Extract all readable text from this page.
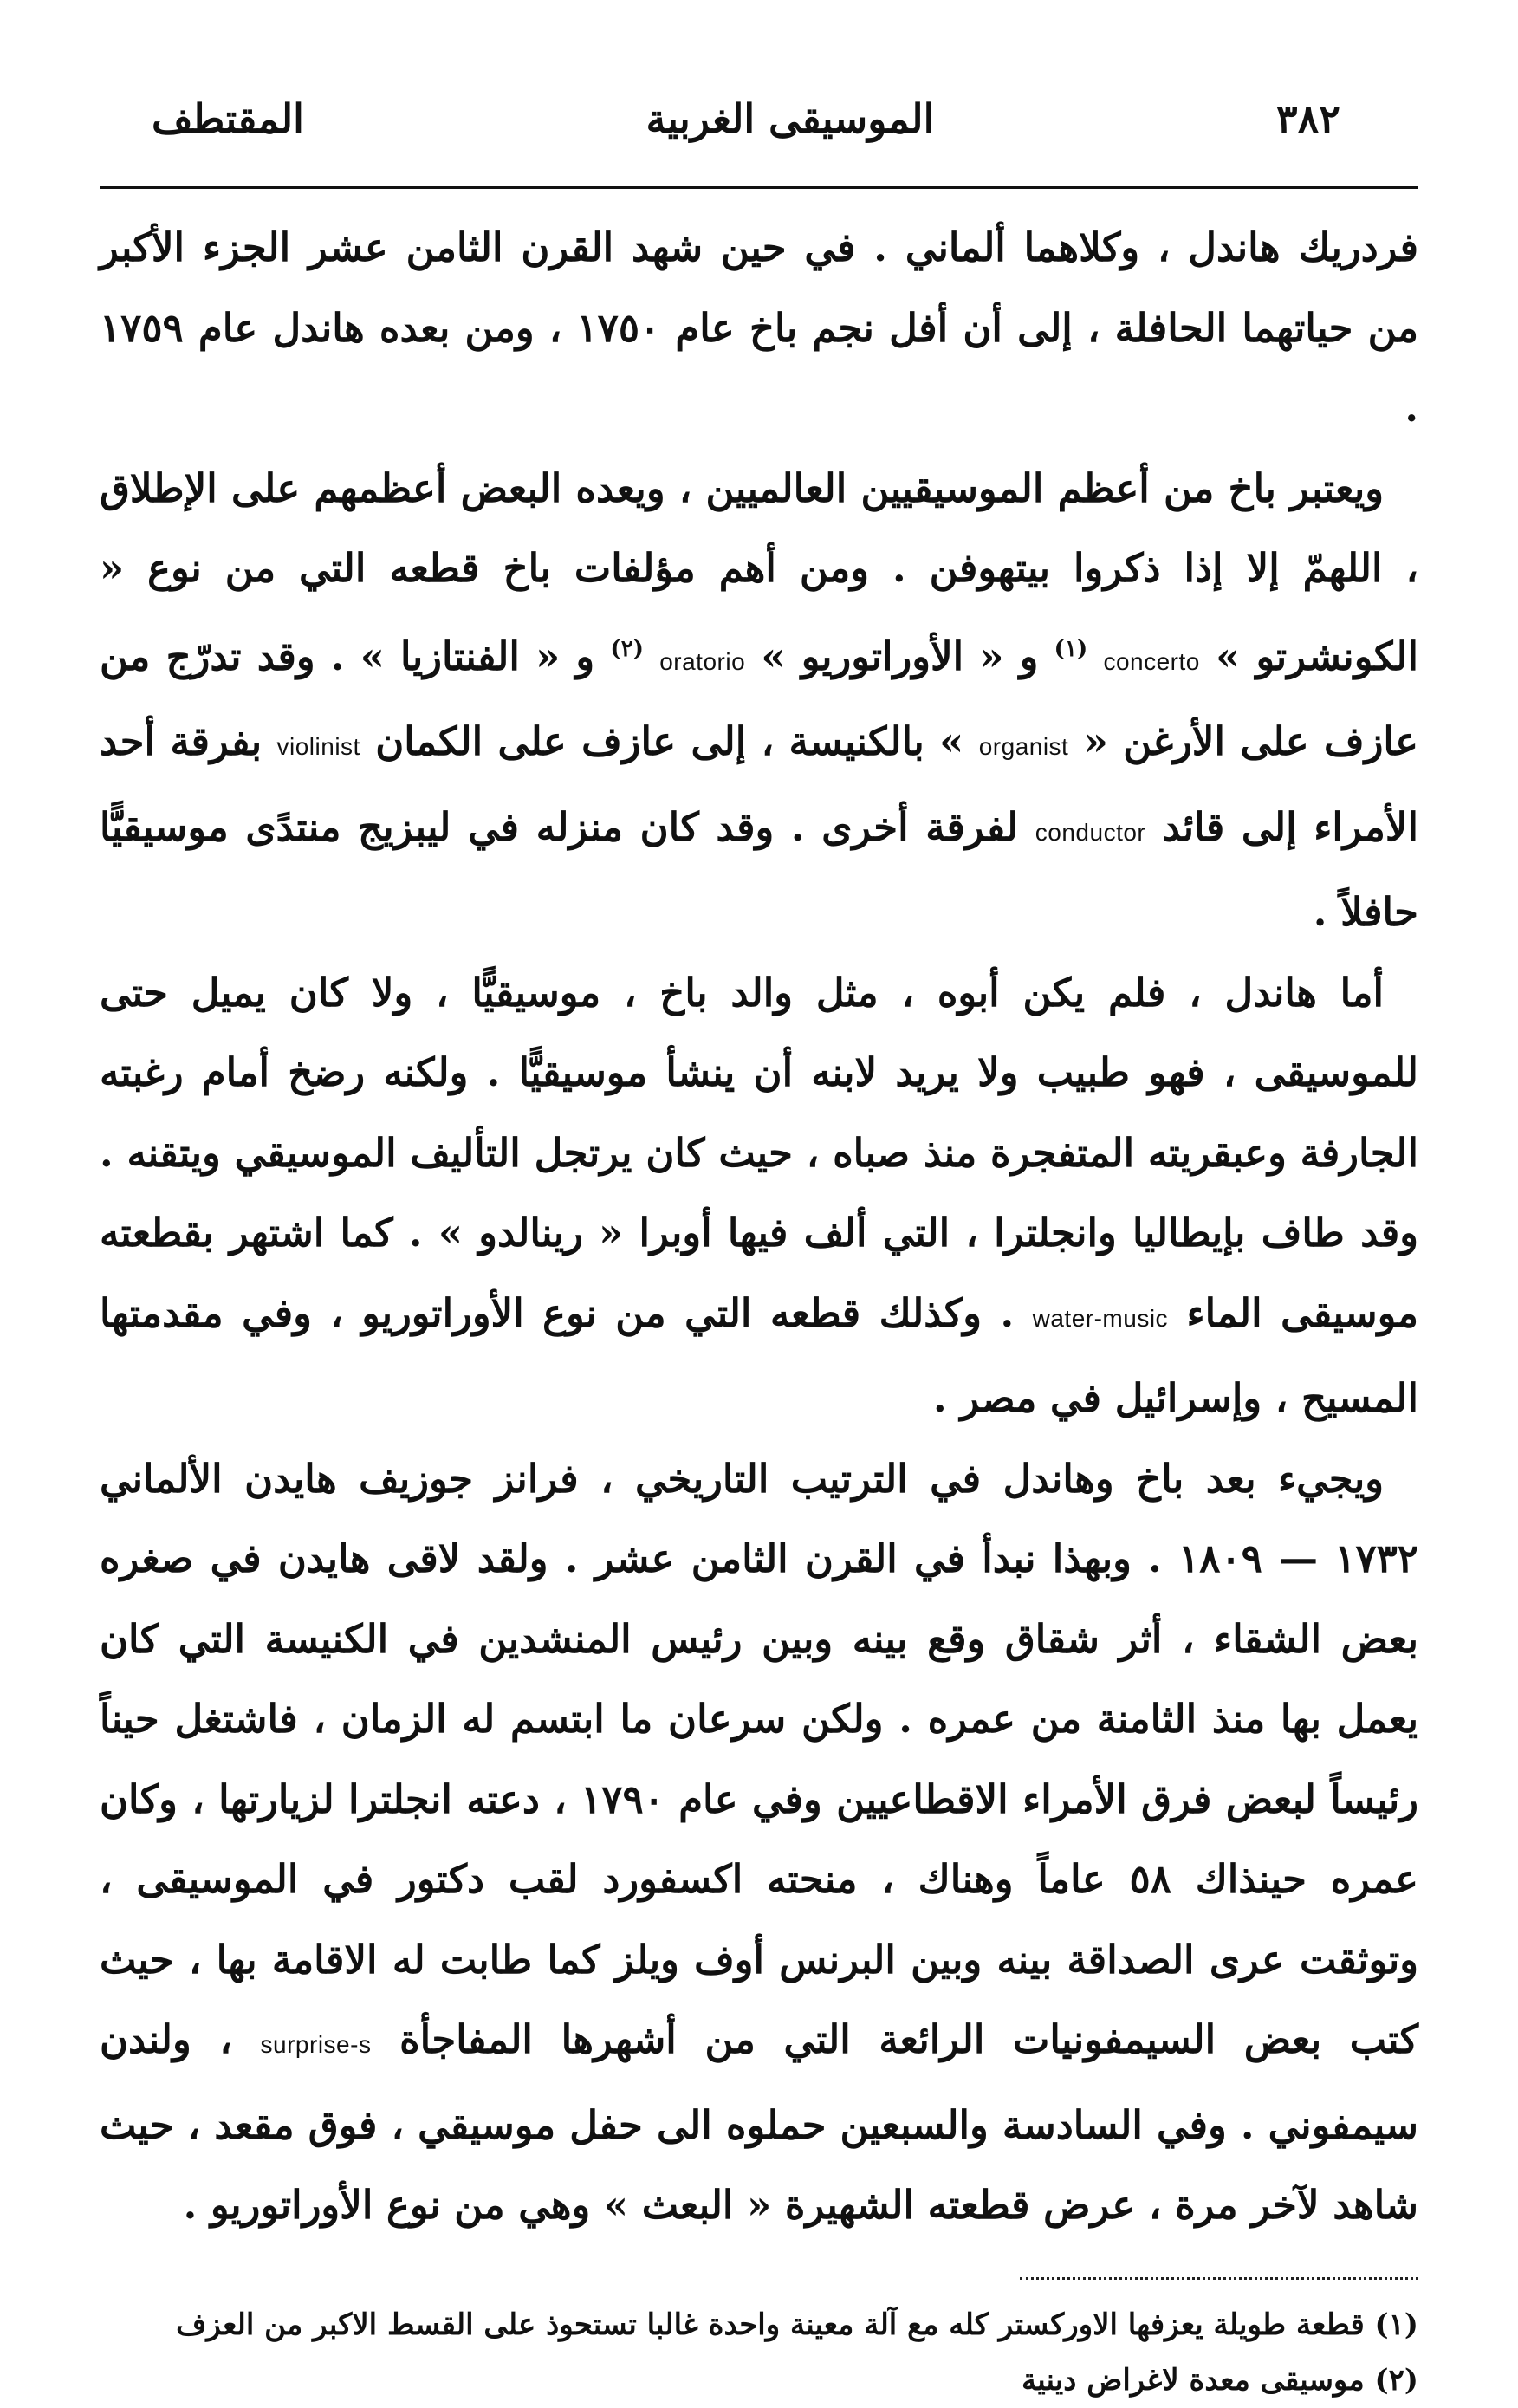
٣٨٢
الموسيقى الغربية
المقتطف

فردريك هاندل ، وكلاهما ألماني . في حين شهد القرن الثامن عشر الجزء الأكبر من حياتهما الحافلة ، إلى أن أفل نجم باخ عام ١٧٥٠ ، ومن بعده هاندل عام ١٧٥٩ .

ويعتبر باخ من أعظم الموسيقيين العالميين ، ويعده البعض أعظمهم على الإطلاق ، اللهمّ إلا إذا ذكروا بيتهوفن . ومن أهم مؤلفات باخ قطعه التي من نوع « الكونشرتو » concerto $^{(١)}$ و « الأوراتوريو » oratorio $^{(٢)}$ و « الفنتازيا » . وقد تدرّج من عازف على الأرغن « organist » بالكنيسة ، إلى عازف على الكمان violinist بفرقة أحد الأمراء إلى قائد conductor لفرقة أخرى . وقد كان منزله في ليبزيج منتدًى موسيقيًّا حافلاً .

أما هاندل ، فلم يكن أبوه ، مثل والد باخ ، موسيقيًّا ، ولا كان يميل حتى للموسيقى ، فهو طبيب ولا يريد لابنه أن ينشأ موسيقيًّا . ولكنه رضخ أمام رغبته الجارفة وعبقريته المتفجرة منذ صباه ، حيث كان يرتجل التأليف الموسيقي ويتقنه . وقد طاف بإيطاليا وانجلترا ، التي ألف فيها أوبرا « رينالدو » . كما اشتهر بقطعته موسيقى الماء water-music . وكذلك قطعه التي من نوع الأوراتوريو ، وفي مقدمتها المسيح ، وإسرائيل في مصر .

ويجيء بعد باخ وهاندل في الترتيب التاريخي ، فرانز جوزيف هايدن الألماني ١٧٣٢ — ١٨٠٩ . وبهذا نبدأ في القرن الثامن عشر . ولقد لاقى هايدن في صغره بعض الشقاء ، أثر شقاق وقع بينه وبين رئيس المنشدين في الكنيسة التي كان يعمل بها منذ الثامنة من عمره . ولكن سرعان ما ابتسم له الزمان ، فاشتغل حيناً رئيساً لبعض فرق الأمراء الاقطاعيين وفي عام ١٧٩٠ ، دعته انجلترا لزيارتها ، وكان عمره حينذاك ٥٨ عاماً وهناك ، منحته اكسفورد لقب دكتور في الموسيقى ، وتوثقت عرى الصداقة بينه وبين البرنس أوف ويلز كما طابت له الاقامة بها ، حيث كتب بعض السيمفونيات الرائعة التي من أشهرها المفاجأة surprise-s ، ولندن سيمفوني . وفي السادسة والسبعين حملوه الى حفل موسيقي ، فوق مقعد ، حيث شاهد لآخر مرة ، عرض قطعته الشهيرة « البعث » وهي من نوع الأوراتوريو .

(١) قطعة طويلة يعزفها الاوركستر كله مع آلة معينة واحدة غالبا تستحوذ على القسط الاكبر من العزف

(٢) موسيقى معدة لاغراض دينية
